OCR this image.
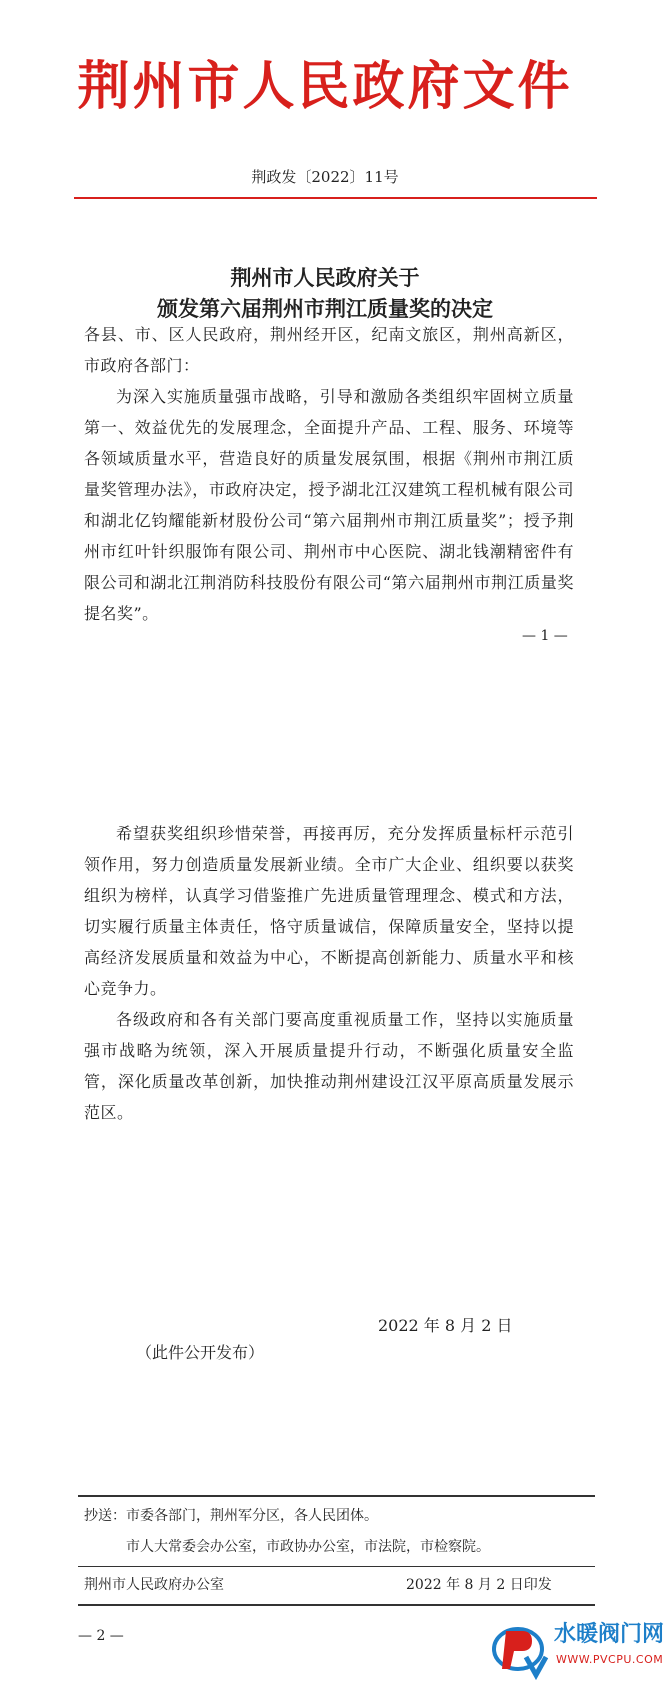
荆州市人民政府文件
荆政发〔2022〕11号
荆州市人民政府关于
颁发第六届荆州市荆江质量奖的决定

各县、市、区人民政府，荆州经开区，纪南文旅区，荆州高新区，市政府各部门：

为深入实施质量强市战略，引导和激励各类组织牢固树立质量第一、效益优先的发展理念，全面提升产品、工程、服务、环境等各领域质量水平，营造良好的质量发展氛围，根据《荆州市荆江质量奖管理办法》，市政府决定，授予湖北江汉建筑工程机械有限公司和湖北亿钧耀能新材股份公司“第六届荆州市荆江质量奖”；授予荆州市红叶针织服饰有限公司、荆州市中心医院、湖北钱潮精密件有限公司和湖北江荆消防科技股份有限公司“第六届荆州市荆江质量奖提名奖”。

— 1 —

希望获奖组织珍惜荣誉，再接再厉，充分发挥质量标杆示范引领作用，努力创造质量发展新业绩。全市广大企业、组织要以获奖组织为榜样，认真学习借鉴推广先进质量管理理念、模式和方法，切实履行质量主体责任，恪守质量诚信，保障质量安全，坚持以提高经济发展质量和效益为中心，不断提高创新能力、质量水平和核心竞争力。

各级政府和各有关部门要高度重视质量工作，坚持以实施质量强市战略为统领，深入开展质量提升行动，不断强化质量安全监管，深化质量改革创新，加快推动荆州建设江汉平原高质量发展示范区。

2022 年 8 月 2 日
（此件公开发布）
抄送：市委各部门，荆州军分区，各人民团体。
市人大常委会办公室，市政协办公室，市法院，市检察院。
荆州市人民政府办公室	2022 年 8 月 2 日印发
— 2 —	水暖阀门网
WWW.PVCPU.COM
